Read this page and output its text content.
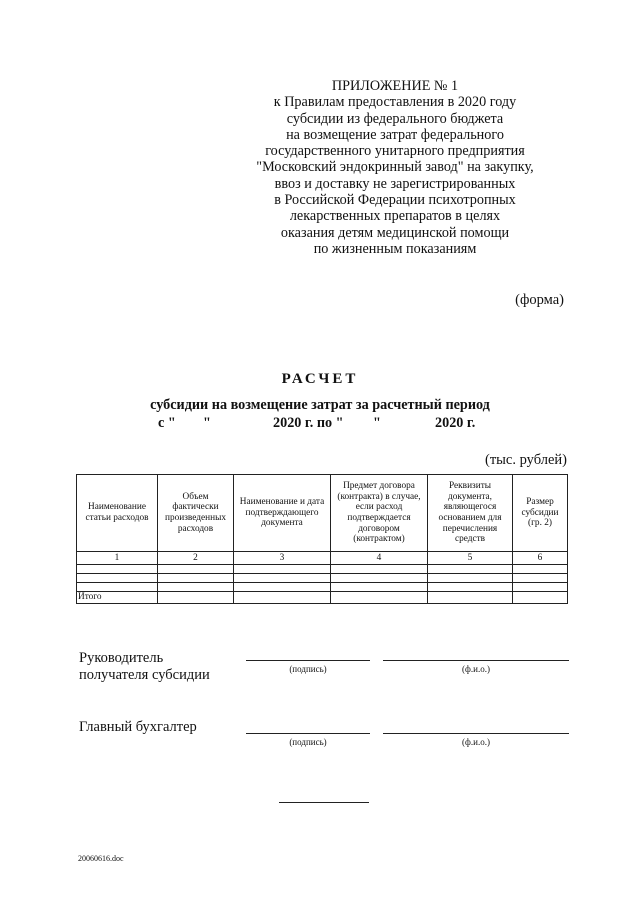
ПРИЛОЖЕНИЕ № 1
к Правилам предоставления в 2020 году
субсидии из федерального бюджета
на возмещение затрат федерального
государственного унитарного предприятия
"Московский эндокринный завод" на закупку,
ввоз и доставку не зарегистрированных
в Российской Федерации психотропных
лекарственных препаратов в целях
оказания детям медицинской помощи
по жизненным показаниям
(форма)
РАСЧЕТ
субсидии на возмещение затрат за расчетный период
с " "	2020 г. по " "	2020 г.
(тыс. рублей)
Наименование статьи расходов	Объем фактически произведенных расходов	Наименование и дата подтверждающего документа	Предмет договора (контракта) в случае, если расход подтверждается договором (контрактом)	Реквизиты документа, являющегося основанием для перечисления средств	Размер субсидии (гр. 2)
1	2	3	4	5	6

Итого					
Руководитель
получателя субсидии	(подпись)	(ф.и.о.)
Главный бухгалтер
(подпись)	(ф.и.о.)
20060616.doc
